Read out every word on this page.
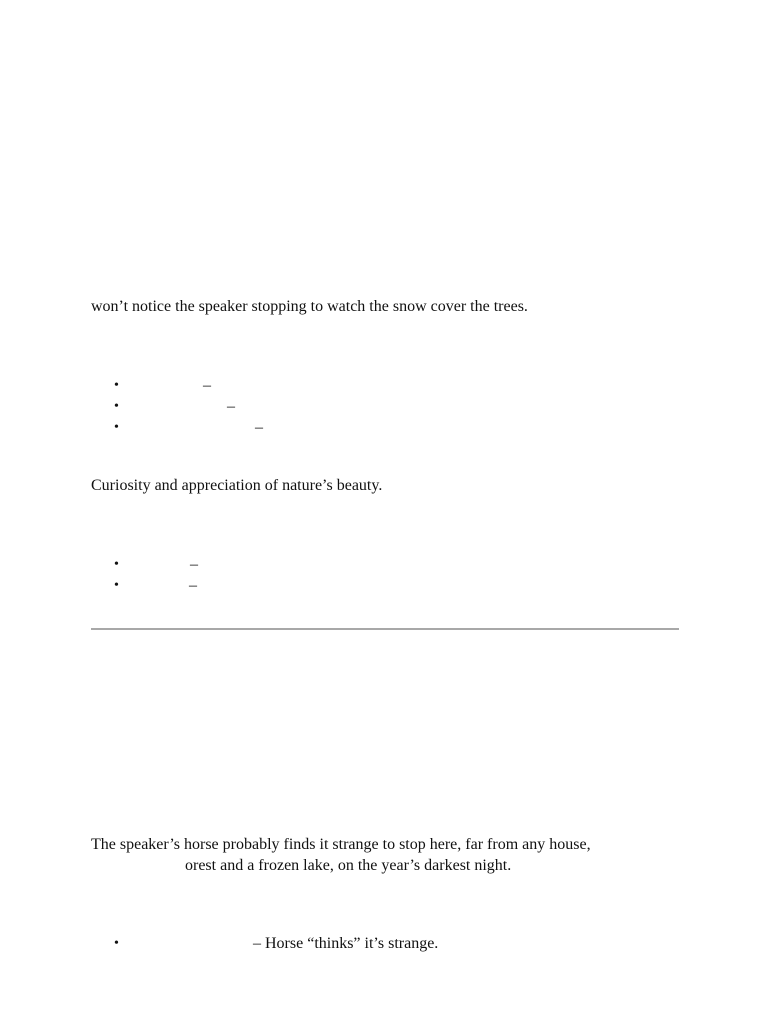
won’t notice the speaker stopping to watch the snow cover the trees.
•	–
•	–
•	–
Curiosity and appreciation of nature’s beauty.
•	–
•	–
The speaker’s horse probably finds it strange to stop here, far from any house,
orest and a frozen lake, on the year’s darkest night.
•	– Horse “thinks” it’s strange.
